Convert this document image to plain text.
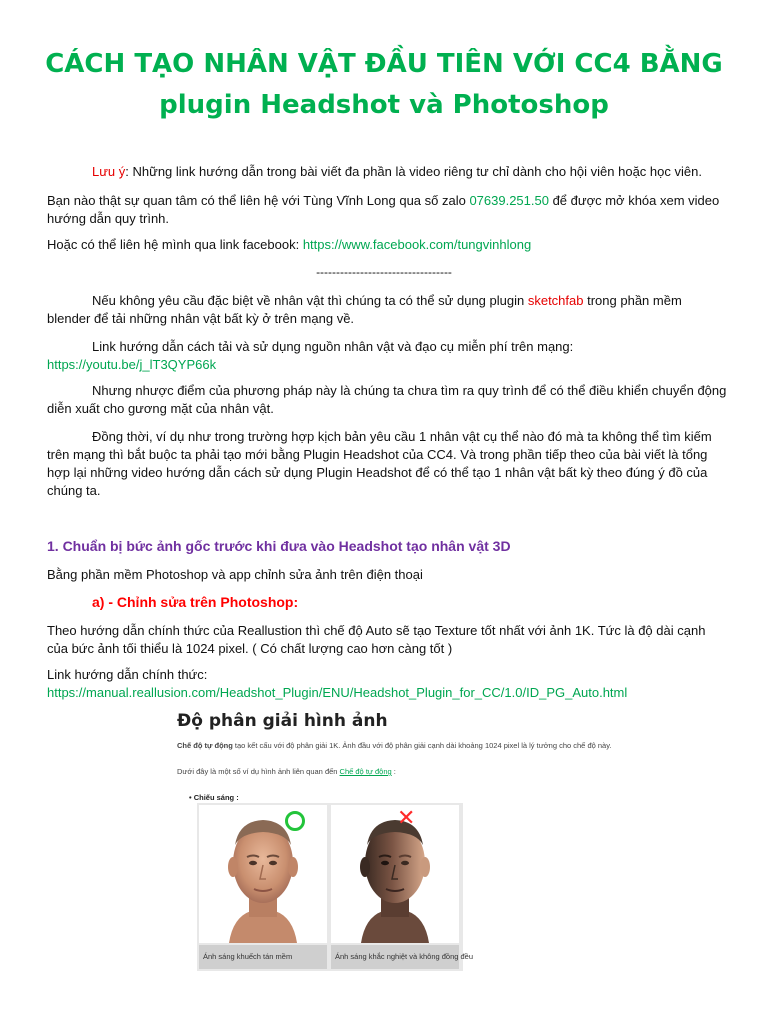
CÁCH TẠO NHÂN VẬT ĐẦU TIÊN VỚI CC4 BẰNG
plugin Headshot và Photoshop
Lưu ý: Những link hướng dẫn trong bài viết đa phần là video riêng tư chỉ dành cho hội viên hoặc học viên.
Bạn nào thật sự quan tâm có thể liên hệ với Tùng Vĩnh Long qua số zalo 07639.251.50 để được mở khóa xem video hướng dẫn quy trình.
Hoặc có thể liên hệ mình qua link facebook: https://www.facebook.com/tungvinhlong
----------------------------------
Nếu không yêu cầu đặc biệt về nhân vật thì chúng ta có thể sử dụng plugin sketchfab trong phần mềm blender để tải những nhân vật bất kỳ ở trên mạng về.
Link hướng dẫn cách tải và sử dụng nguồn nhân vật và đạo cụ miễn phí trên mạng:
https://youtu.be/j_lT3QYP66k
Nhưng nhược điểm của phương pháp này là chúng ta chưa tìm ra quy trình để có thể điều khiển chuyển động diễn xuất cho gương mặt của nhân vật.
Đồng thời, ví dụ như trong trường hợp kịch bản yêu cầu 1 nhân vật cụ thể nào đó mà ta không thể tìm kiếm trên mạng thì bắt buộc ta phải tạo mới bằng Plugin Headshot của CC4. Và trong phần tiếp theo của bài viết là tổng hợp lại những video hướng dẫn cách sử dụng Plugin Headshot để có thể tạo 1 nhân vật bất kỳ theo đúng ý đồ của chúng ta.
1. Chuẩn bị bức ảnh gốc trước khi đưa vào Headshot tạo nhân vật 3D
Bằng phần mềm Photoshop và app chỉnh sửa ảnh trên điện thoại
a) - Chỉnh sửa trên Photoshop:
Theo hướng dẫn chính thức của Reallustion thì chế độ Auto sẽ tạo Texture tốt nhất với ảnh 1K. Tức là độ dài cạnh của bức ảnh tối thiểu là 1024 pixel. ( Có chất lượng cao hơn càng tốt )
Link hướng dẫn chính thức: https://manual.reallusion.com/Headshot_Plugin/ENU/Headshot_Plugin_for_CC/1.0/ID_PG_Auto.html
Độ phân giải hình ảnh
Chế độ tự động tạo kết cấu với độ phân giải 1K. Ảnh đầu với độ phân giải cạnh dài khoảng 1024 pixel là lý tưởng cho chế độ này.
Dưới đây là một số ví dụ hình ảnh liên quan đến Chế độ tự động :
• Chiếu sáng :
Ánh sáng khuếch tán mềm
✕
Ánh sáng khắc nghiệt và không đồng đều
